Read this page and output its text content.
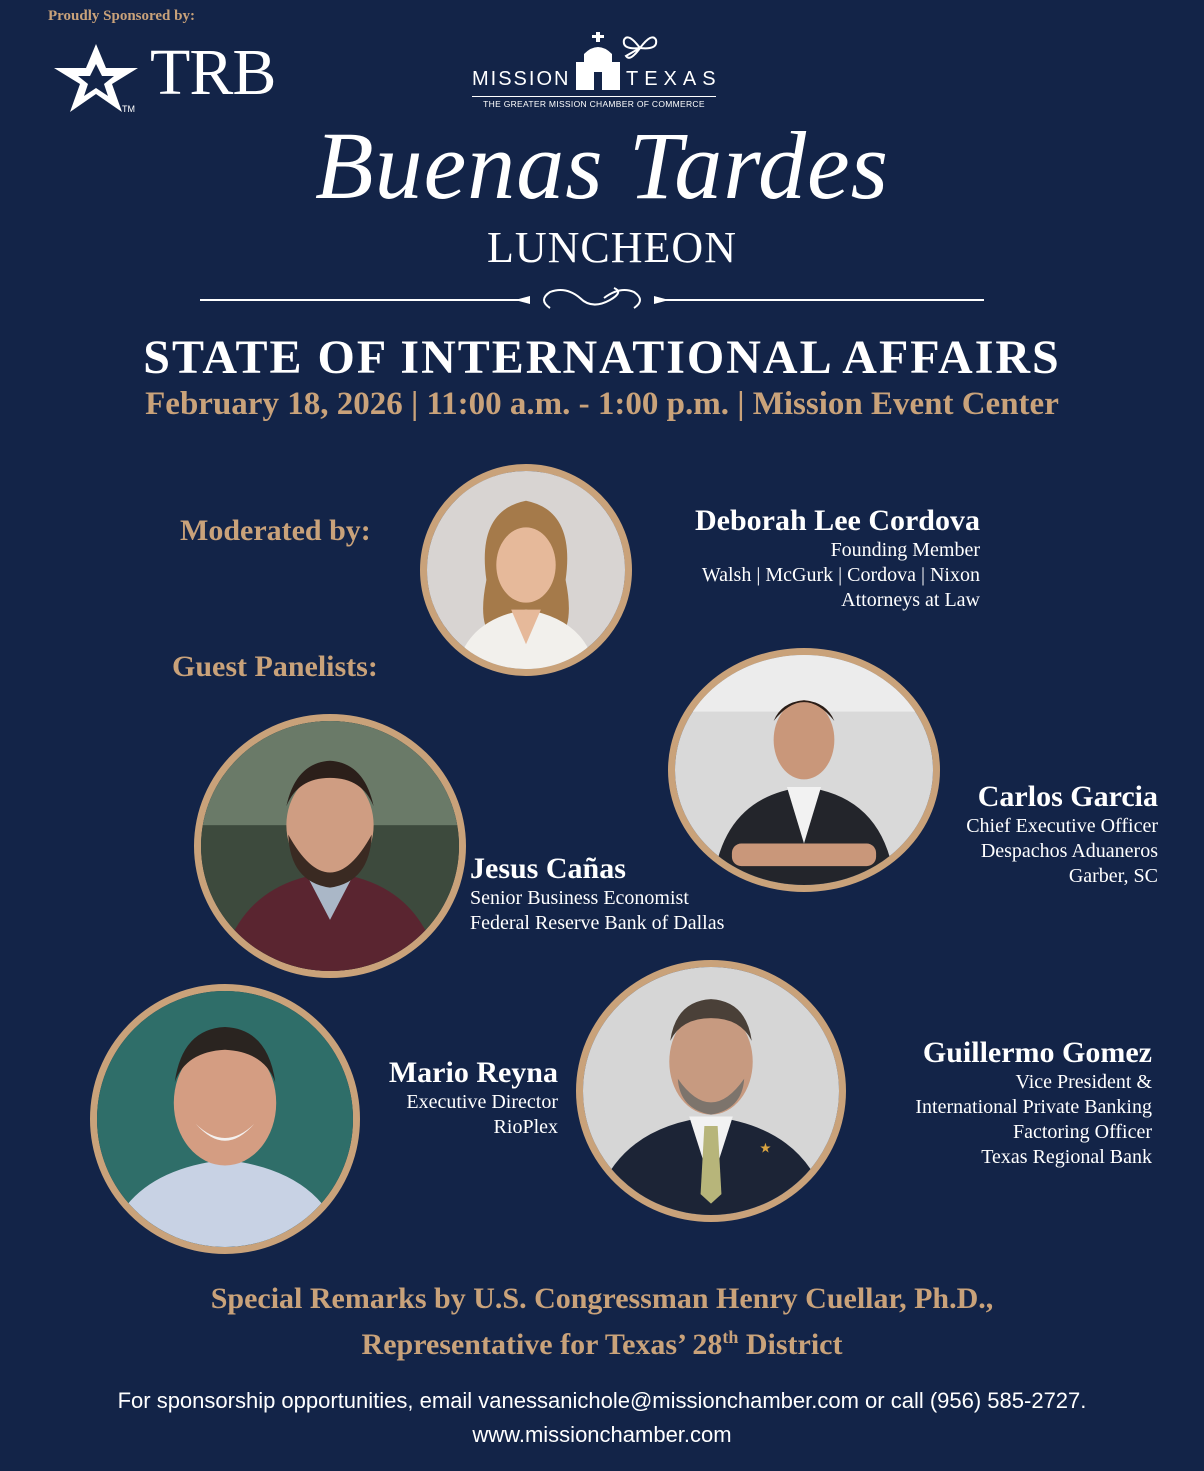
Proudly Sponsored by:
TM TRB	MISSION	TEXAS
THE GREATER MISSION CHAMBER OF COMMERCE
Buenas Tardes
LUNCHEON
STATE OF INTERNATIONAL AFFAIRS
February 18, 2026 | 11:00 a.m. - 1:00 p.m. | Mission Event Center
Moderated by:	Deborah Lee Cordova
Founding Member
Walsh | McGurk | Cordova | Nixon
Attorneys at Law
Guest Panelists:
Carlos Garcia
Chief Executive Officer
Despachos Aduaneros
Garber, SC
Jesus Cañas
Senior Business Economist
Federal Reserve Bank of Dallas
Mario Reyna
Executive Director
RioPlex
★
Guillermo Gomez
Vice President &
International Private Banking
Factoring Officer
Texas Regional Bank
Special Remarks by U.S. Congressman Henry Cuellar, Ph.D.,
Representative for Texas’ 28th District
For sponsorship opportunities, email vanessanichole@missionchamber.com or call (956) 585-2727.
www.missionchamber.com
